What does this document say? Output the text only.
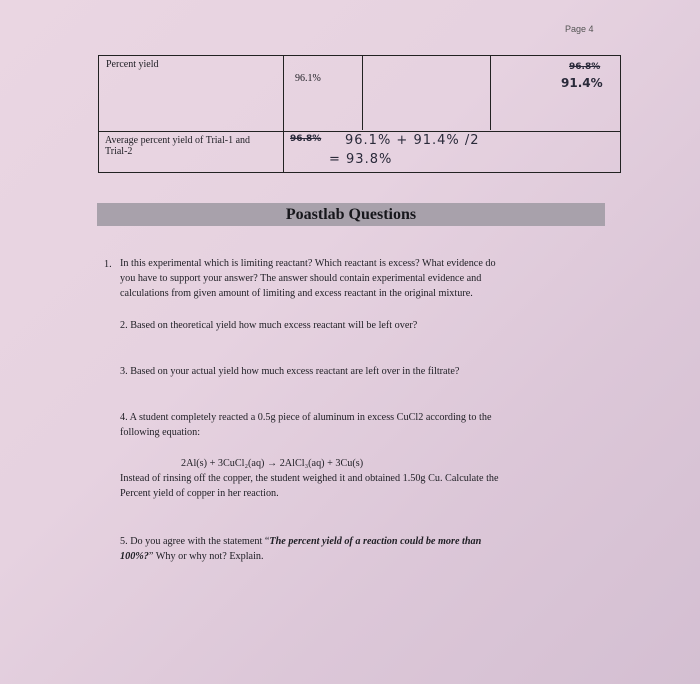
Page 4
Percent yield
96.1%
96.8%
91.4%
Average percent yield of Trial-1 and
Trial-2
96.8% 96.1% + 91.4% /2
= 93.8%
Poastlab Questions
1. In this experimental which is limiting reactant? Which reactant is excess? What evidence do
you have to support your answer? The answer should contain experimental evidence and
calculations from given amount of limiting and excess reactant in the original mixture.
2. Based on theoretical yield how much excess reactant will be left over?
3. Based on your actual yield how much excess reactant are left over in the filtrate?
4. A student completely reacted a 0.5g piece of aluminum in excess CuCl2 according to the
following equation:
2Al(s) + 3CuCl₂(aq) → 2AlCl₃(aq) + 3Cu(s)
Instead of rinsing off the copper, the student weighed it and obtained 1.50g Cu. Calculate the
Percent yield of copper in her reaction.
5. Do you agree with the statement “The percent yield of a reaction could be more than
100%?” Why or why not? Explain.
